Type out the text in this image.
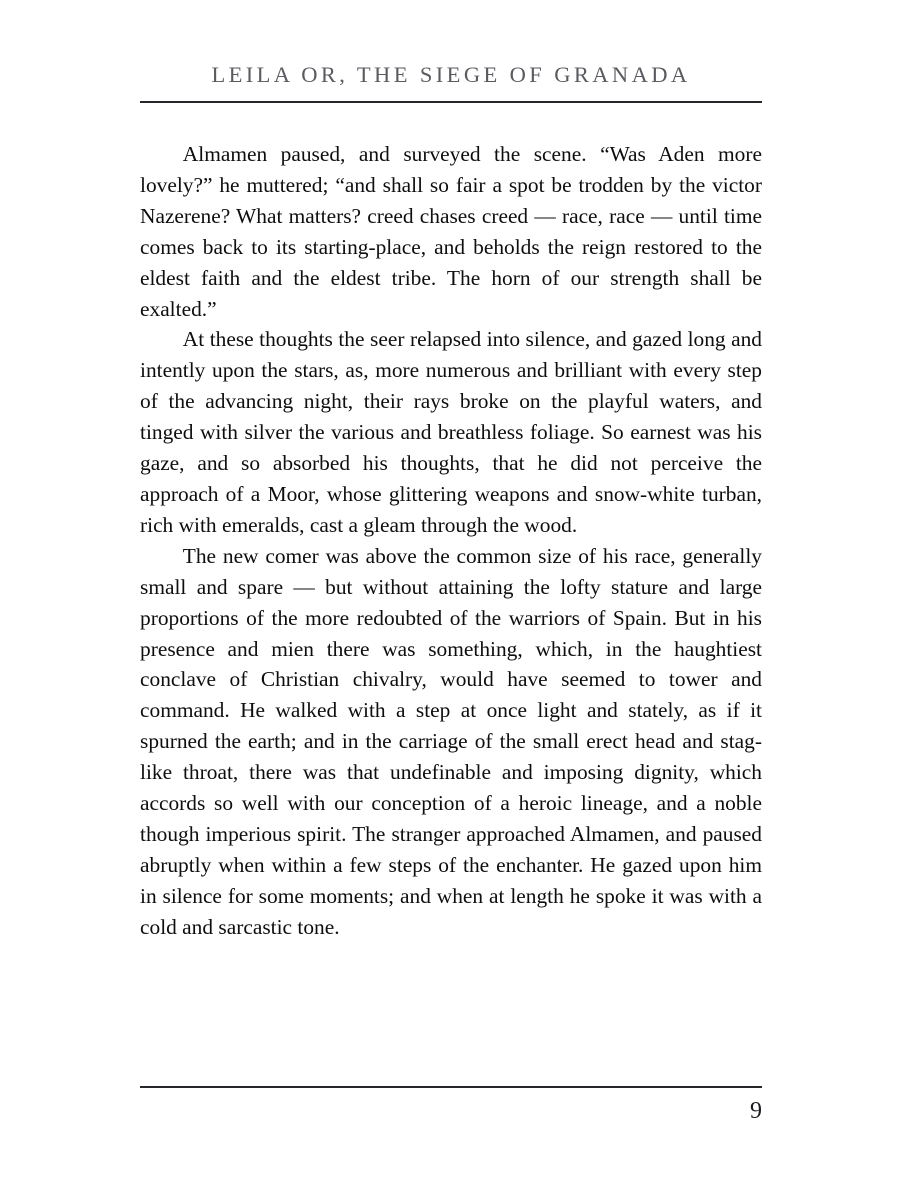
LEILA OR, THE SIEGE OF GRANADA

Almamen paused, and surveyed the scene. “Was Aden more lovely?” he muttered; “and shall so fair a spot be trodden by the victor Nazerene? What matters? creed chases creed — race, race — until time comes back to its starting-place, and beholds the reign restored to the eldest faith and the eldest tribe. The horn of our strength shall be exalted.”

At these thoughts the seer relapsed into silence, and gazed long and intently upon the stars, as, more numerous and brilliant with every step of the advancing night, their rays broke on the playful waters, and tinged with silver the various and breathless foliage. So earnest was his gaze, and so absorbed his thoughts, that he did not perceive the approach of a Moor, whose glittering weapons and snow-white turban, rich with emeralds, cast a gleam through the wood.

The new comer was above the common size of his race, generally small and spare — but without attaining the lofty stature and large proportions of the more redoubted of the warriors of Spain. But in his presence and mien there was something, which, in the haughtiest conclave of Christian chivalry, would have seemed to tower and command. He walked with a step at once light and stately, as if it spurned the earth; and in the carriage of the small erect head and stag-like throat, there was that undefinable and imposing dignity, which accords so well with our conception of a heroic lineage, and a noble though imperious spirit. The stranger approached Almamen, and paused abruptly when within a few steps of the enchanter. He gazed upon him in silence for some moments; and when at length he spoke it was with a cold and sarcastic tone.

9
